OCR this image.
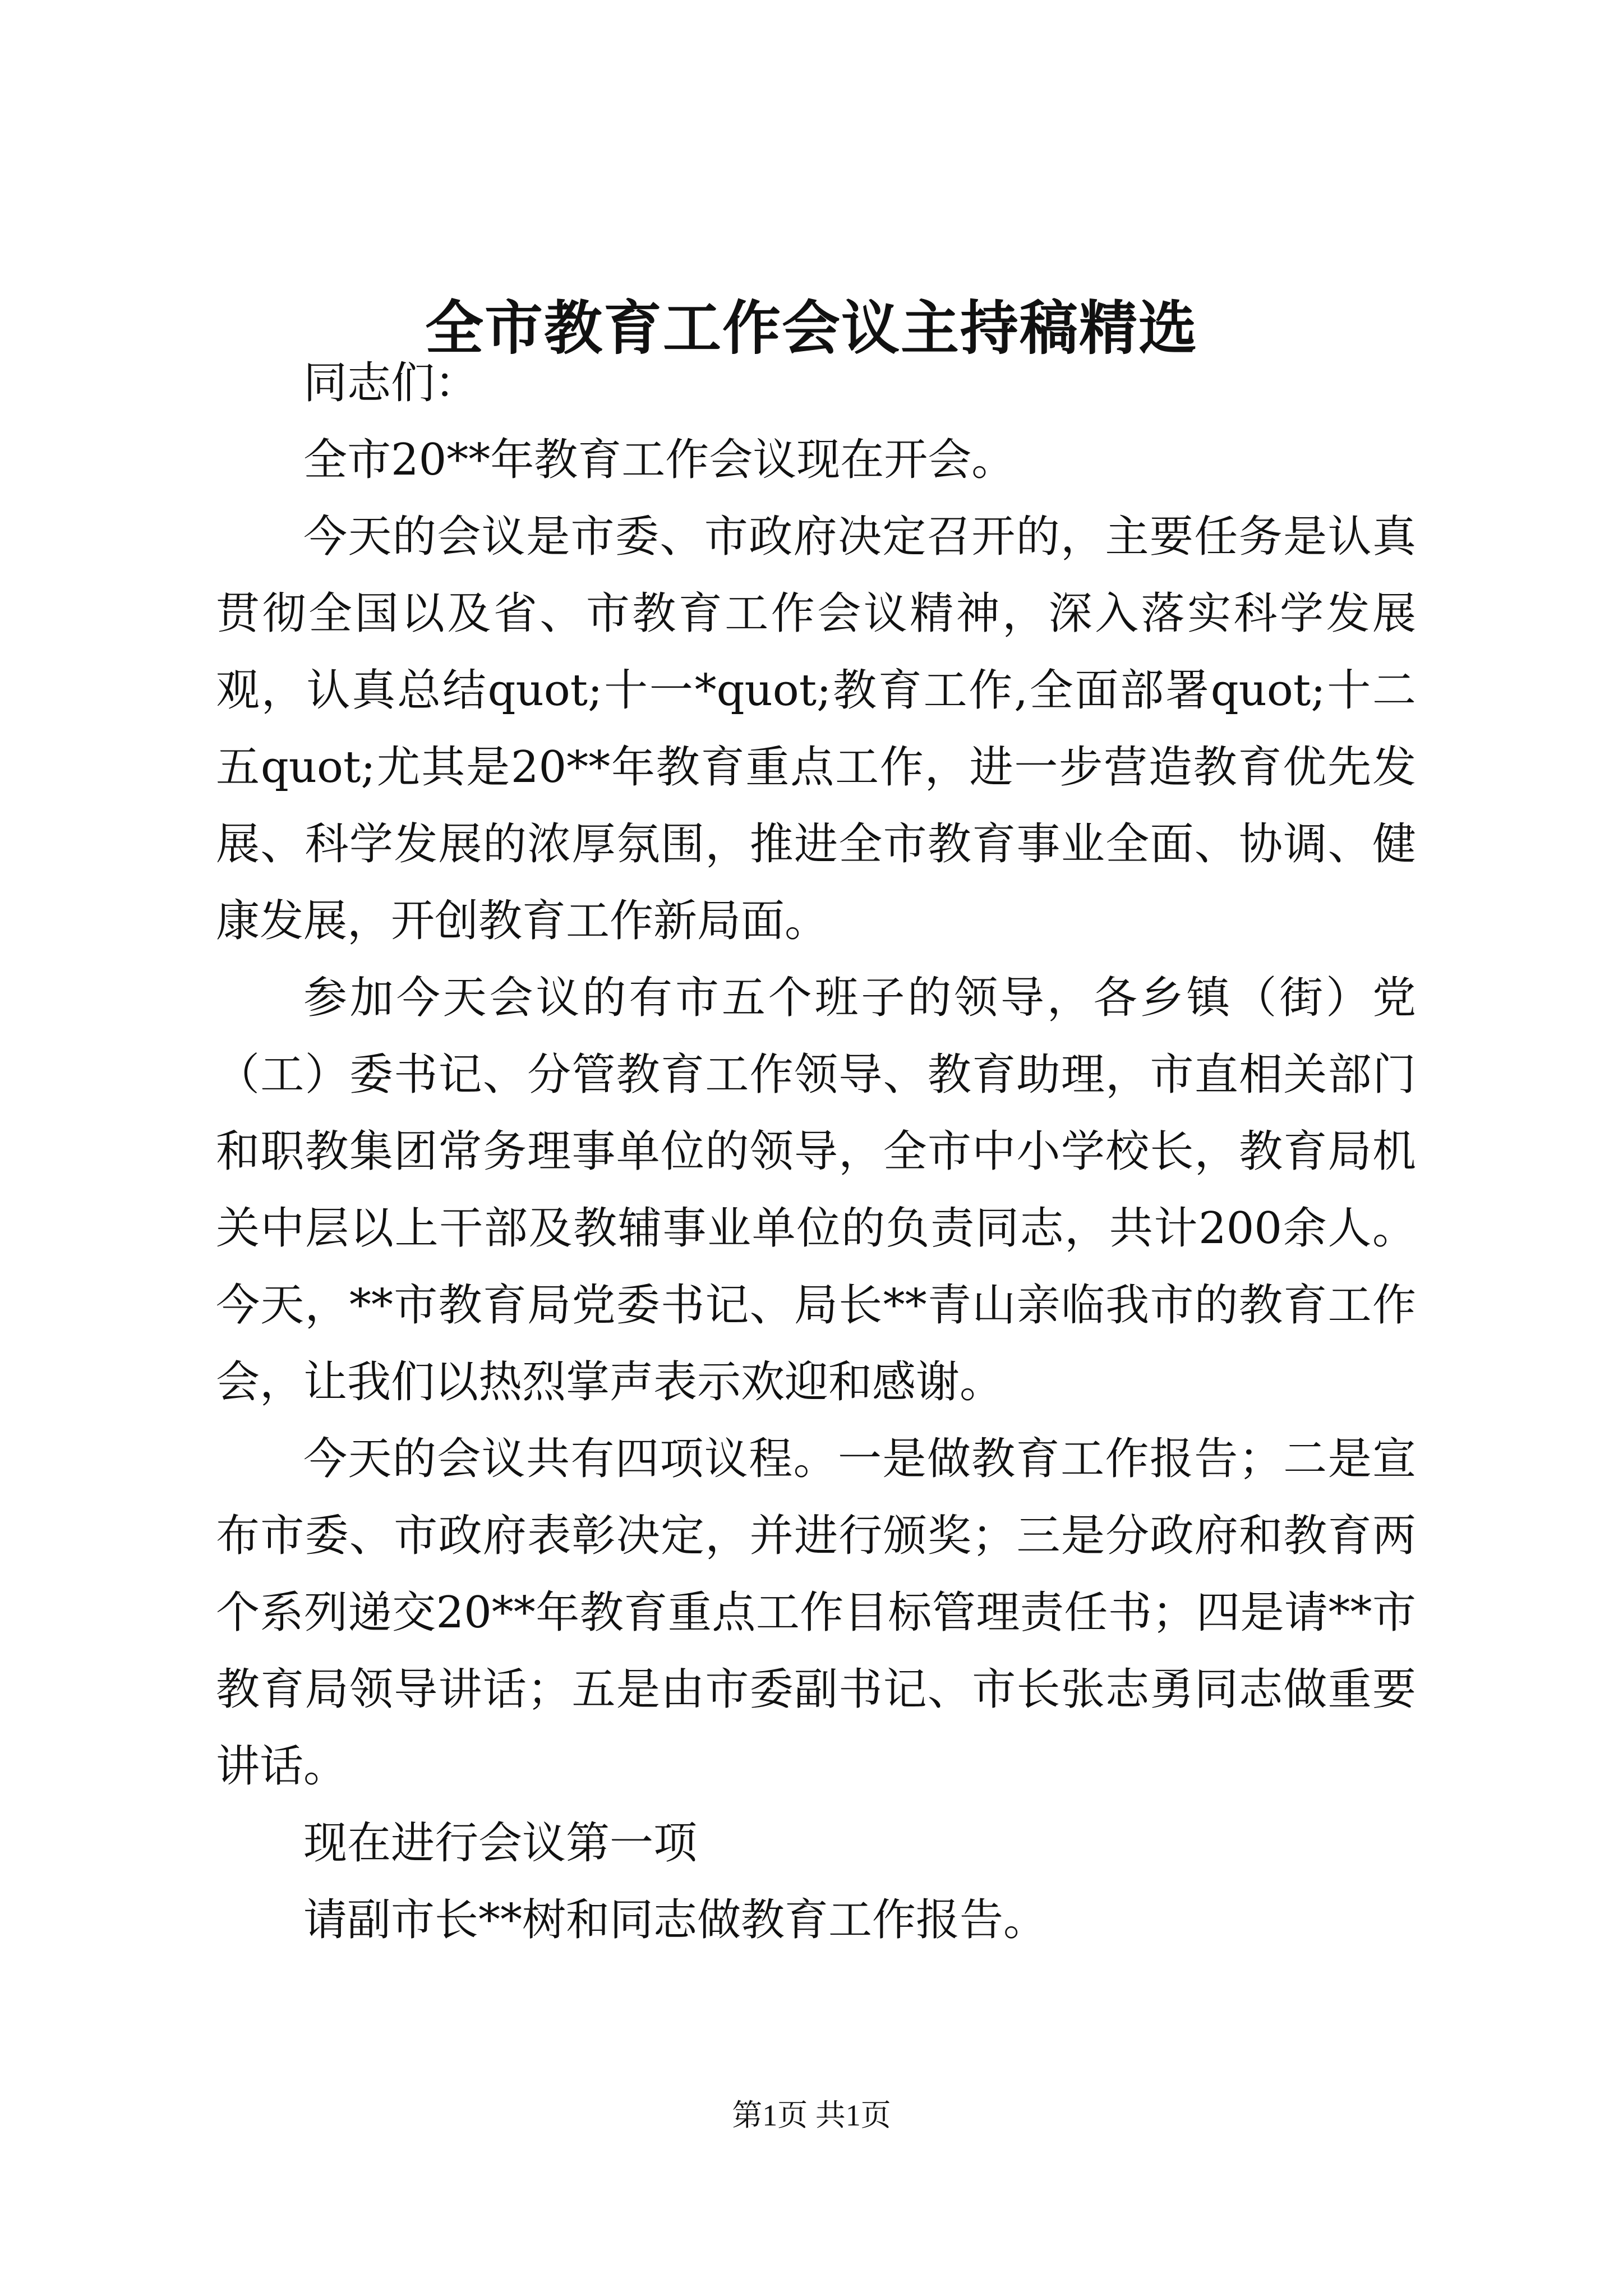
全市教育工作会议主持稿精选

同志们：

全市20**年教育工作会议现在开会。

今天的会议是市委、市政府决定召开的，主要任务是认真贯彻全国以及省、市教育工作会议精神，深入落实科学发展观，认真总结quot;十一*quot;教育工作,全面部署quot;十二五quot;尤其是20**年教育重点工作，进一步营造教育优先发展、科学发展的浓厚氛围，推进全市教育事业全面、协调、健康发展，开创教育工作新局面。

参加今天会议的有市五个班子的领导，各乡镇（街）党（工）委书记、分管教育工作领导、教育助理，市直相关部门和职教集团常务理事单位的领导，全市中小学校长，教育局机关中层以上干部及教辅事业单位的负责同志，共计200余人。今天，**市教育局党委书记、局长**青山亲临我市的教育工作会，让我们以热烈掌声表示欢迎和感谢。

今天的会议共有四项议程。一是做教育工作报告；二是宣布市委、市政府表彰决定，并进行颁奖；三是分政府和教育两个系列递交20**年教育重点工作目标管理责任书；四是请**市教育局领导讲话；五是由市委副书记、市长张志勇同志做重要讲话。

现在进行会议第一项

请副市长**树和同志做教育工作报告。

第1页 共1页
